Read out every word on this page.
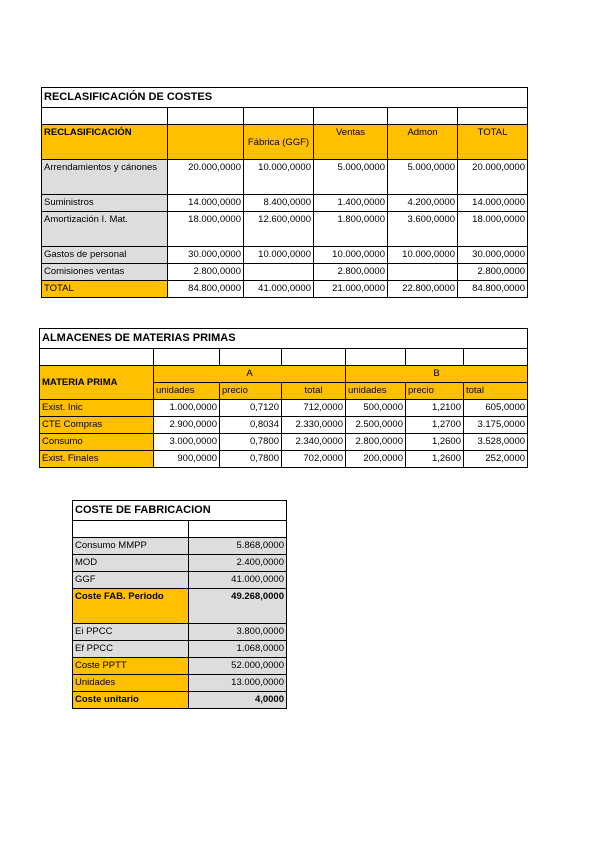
RECLASIFICACIÓN DE COSTES					

RECLASIFICACIÓN		Fábrica (GGF)	Ventas	Admon	TOTAL
Arrendamientos y cánones	20.000,0000	10.000,0000	5.000,0000	5.000,0000	20.000,0000
Suministros	14.000,0000	8.400,0000	1.400,0000	4.200,0000	14.000,0000
Amortización I. Mat.	18.000,0000	12.600,0000	1.800,0000	3.600,0000	18.000,0000
Gastos de personal	30.000,0000	10.000,0000	10.000,0000	10.000,0000	30.000,0000
Comisiones ventas	2.800,0000		2.800,0000		2.800,0000
TOTAL	84.800,0000	41.000,0000	21.000,0000	22.800,0000	84.800,0000
ALMACENES DE MATERIAS PRIMAS						

MATERIA PRIMA	A			B		
	unidades	precio	total	unidades	precio	total
Exist. Inic	1.000,0000	0,7120	712,0000	500,0000	1,2100	605,0000
CTE Compras	2.900,0000	0,8034	2.330,0000	2.500,0000	1,2700	3.175,0000
Consumo	3.000,0000	0,7800	2.340,0000	2.800,0000	1,2600	3.528,0000
Exist. Finales	900,0000	0,7800	702,0000	200,0000	1,2600	252,0000
COSTE DE FABRICACION	

Consumo MMPP	5.868,0000
MOD	2.400,0000
GGF	41.000,0000
Coste FAB. Periodo	49.268,0000
Ei PPCC	3.800,0000
Ef PPCC	1.068,0000
Coste PPTT	52.000,0000
Unidades	13.000,0000
Coste unitario	4,0000
